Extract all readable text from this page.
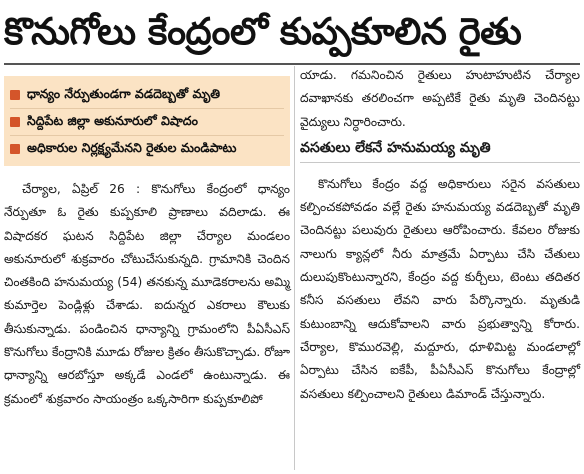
కొనుగోలు కేంద్రంలో కుప్పకూలిన రైతు
ధాన్యం నేర్పుతుండగా వడదెబ్బతో మృతి
సిద్దిపేట జిల్లా అకునూరులో విషాదం
అధికారుల నిర్లక్ష్యమేనని రైతుల మండిపాటు

చేర్యాల, ఏప్రిల్ 26 : కొనుగోలు కేంద్రంలో ధాన్యం నేర్పుతూ ఓ రైతు కుప్పకూలి ప్రాణాలు వదిలాడు. ఈ విషాదకర ఘటన సిద్దిపేట జిల్లా చేర్యాల మండలం అకునూరులో శుక్రవారం చోటుచేసుకున్నది. గ్రామానికి చెందిన చింతకింది హనుమయ్య (54) తనకున్న మూడెకరాలను అమ్మి కుమార్తెల పెండ్లిళ్లు చేశాడు. ఐదున్నర ఎకరాలు కౌలుకు తీసుకున్నాడు. పండించిన ధాన్యాన్ని గ్రామంలోని పీఏసీఎస్ కొనుగోలు కేంద్రానికి మూడు రోజుల క్రితం తీసుకొచ్చాడు. రోజూ ధాన్యాన్ని ఆరబోస్తూ అక్కడే ఎండలో ఉంటున్నాడు. ఈ క్రమంలో శుక్రవారం సాయంత్రం ఒక్కసారిగా కుప్పకూలిపో

యాడు. గమనించిన రైతులు హుటాహుటిన చేర్యాల దవాఖానకు తరలించగా అప్పటికే రైతు మృతి చెందినట్టు వైద్యులు నిర్ధారించారు.

వసతులు లేకనే హనుమయ్య మృతి

కొనుగోలు కేంద్రం వద్ద అధికారులు సరైన వసతులు కల్పించకపోవడం వల్లే రైతు హనుమయ్య వడదెబ్బతో మృతి చెందినట్టు పలువురు రైతులు ఆరోపించారు. కేవలం రోజుకు నాలుగు క్యాన్లలో నీరు మాత్రమే ఏర్పాటు చేసి చేతులు దులుపుకొంటున్నారని, కేంద్రం వద్ద కుర్చీలు, టెంటు తదితర కనీస వసతులు లేవని వారు పేర్కొన్నారు. మృతుడి కుటుంబాన్ని ఆదుకోవాలని వారు ప్రభుత్వాన్ని కోరారు. చేర్యాల, కొమురవెల్లి, మద్దూరు, ధూళిమిట్ట మండలాల్లో ఏర్పాటు చేసిన ఐకేపీ, పీఏసీఎస్ కొనుగోలు కేంద్రాల్లో వసతులు కల్పించాలని రైతులు డిమాండ్ చేస్తున్నారు.
